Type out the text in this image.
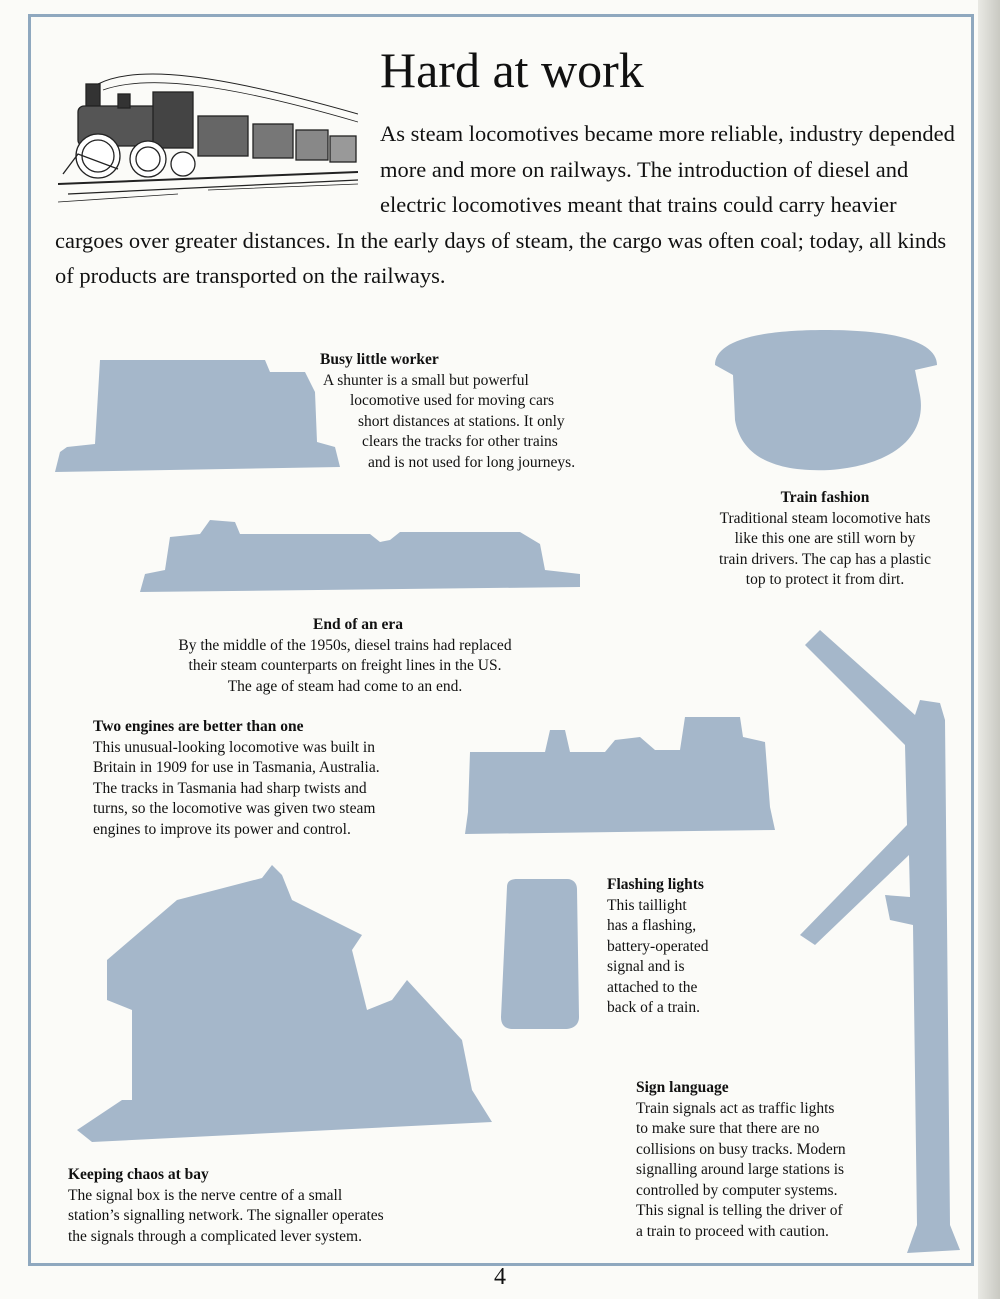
Hard at work

As steam locomotives became more reliable, industry depended more and more on railways. The introduction of diesel and electric locomotives meant that trains could carry heavier cargoes over greater distances. In the early days of steam, the cargo was often coal; today, all kinds of products are transported on the railways.

Busy little worker
A shunter is a small but powerful
locomotive used for moving cars
short distances at stations. It only
clears the tracks for other trains
and is not used for long journeys.
Train fashion
Traditional steam locomotive hats
like this one are still worn by
train drivers. The cap has a plastic
top to protect it from dirt.
End of an era
By the middle of the 1950s, diesel trains had replaced
their steam counterparts on freight lines in the US.
The age of steam had come to an end.
Two engines are better than one
This unusual-looking locomotive was built in
Britain in 1909 for use in Tasmania, Australia.
The tracks in Tasmania had sharp twists and
turns, so the locomotive was given two steam
engines to improve its power and control.
Flashing lights
This taillight
has a flashing,
battery-operated
signal and is
attached to the
back of a train.
Keeping chaos at bay
The signal box is the nerve centre of a small
station’s signalling network. The signaller operates
the signals through a complicated lever system.
Sign language
Train signals act as traffic lights
to make sure that there are no
collisions on busy tracks. Modern
signalling around large stations is
controlled by computer systems.
This signal is telling the driver of
a train to proceed with caution.
4
